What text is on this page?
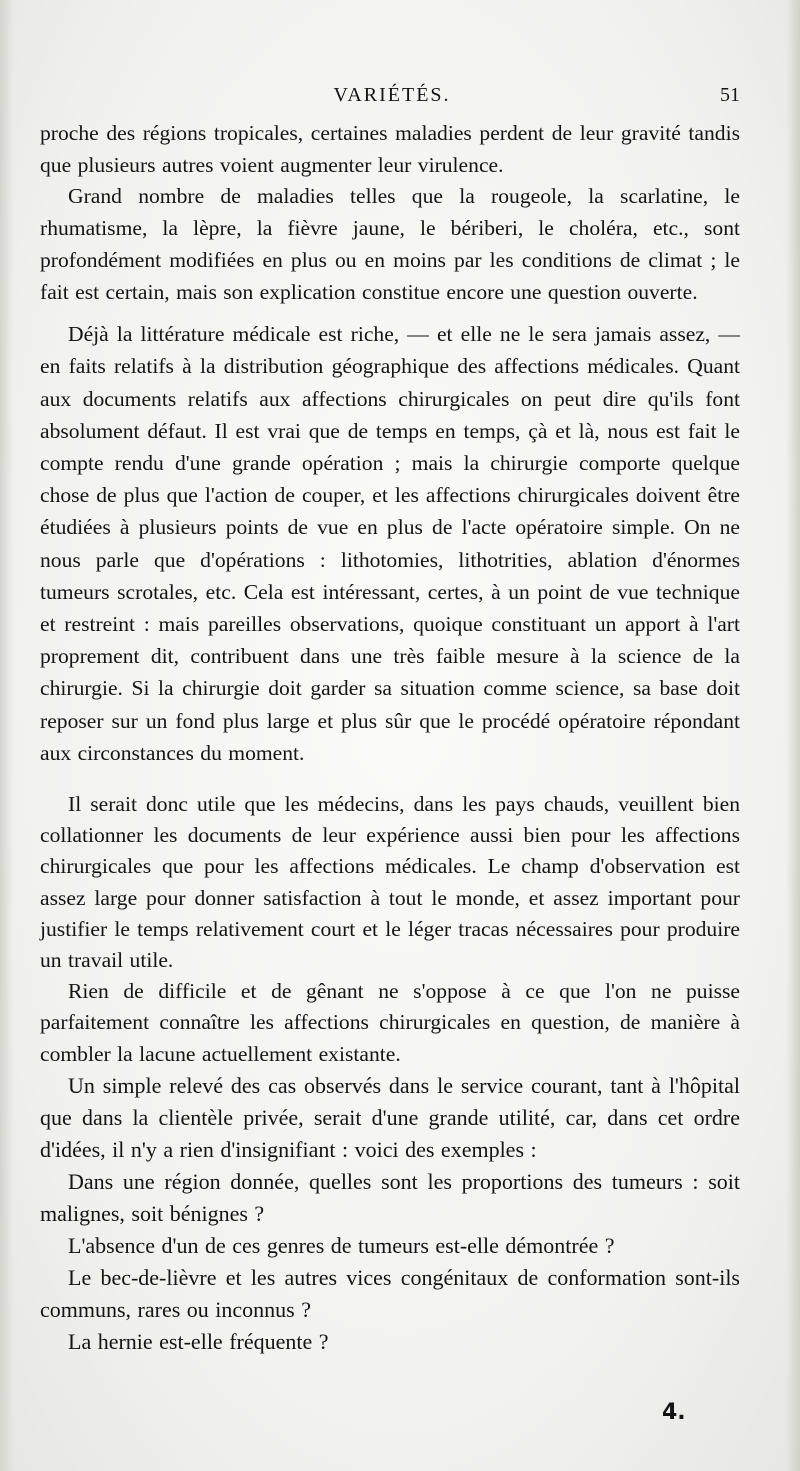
VARIÉTÉS.	51

proche des régions tropicales, certaines maladies perdent de leur gravité tandis que plusieurs autres voient augmenter leur virulence.

Grand nombre de maladies telles que la rougeole, la scarlatine, le rhumatisme, la lèpre, la fièvre jaune, le bériberi, le choléra, etc., sont profondément modifiées en plus ou en moins par les conditions de climat ; le fait est certain, mais son explication constitue encore une question ouverte.

Déjà la littérature médicale est riche, — et elle ne le sera jamais assez, — en faits relatifs à la distribution géographique des affections médicales. Quant aux documents relatifs aux affections chirurgicales on peut dire qu'ils font absolument défaut. Il est vrai que de temps en temps, çà et là, nous est fait le compte rendu d'une grande opération ; mais la chirurgie comporte quelque chose de plus que l'action de couper, et les affections chirurgicales doivent être étudiées à plusieurs points de vue en plus de l'acte opératoire simple. On ne nous parle que d'opérations : lithotomies, lithotrities, ablation d'énormes tumeurs scrotales, etc. Cela est intéressant, certes, à un point de vue technique et restreint : mais pareilles observations, quoique constituant un apport à l'art proprement dit, contribuent dans une très faible mesure à la science de la chirurgie. Si la chirurgie doit garder sa situation comme science, sa base doit reposer sur un fond plus large et plus sûr que le procédé opératoire répondant aux circonstances du moment.

Il serait donc utile que les médecins, dans les pays chauds, veuillent bien collationner les documents de leur expérience aussi bien pour les affections chirurgicales que pour les affections médicales. Le champ d'observation est assez large pour donner satisfaction à tout le monde, et assez important pour justifier le temps relativement court et le léger tracas nécessaires pour produire un travail utile.

Rien de difficile et de gênant ne s'oppose à ce que l'on ne puisse parfaitement connaître les affections chirurgicales en question, de manière à combler la lacune actuellement existante.

Un simple relevé des cas observés dans le service courant, tant à l'hôpital que dans la clientèle privée, serait d'une grande utilité, car, dans cet ordre d'idées, il n'y a rien d'insignifiant : voici des exemples :

Dans une région donnée, quelles sont les proportions des tumeurs : soit malignes, soit bénignes ?

L'absence d'un de ces genres de tumeurs est-elle démontrée ?

Le bec-de-lièvre et les autres vices congénitaux de conformation sont-ils communs, rares ou inconnus ?

La hernie est-elle fréquente ?

4.
